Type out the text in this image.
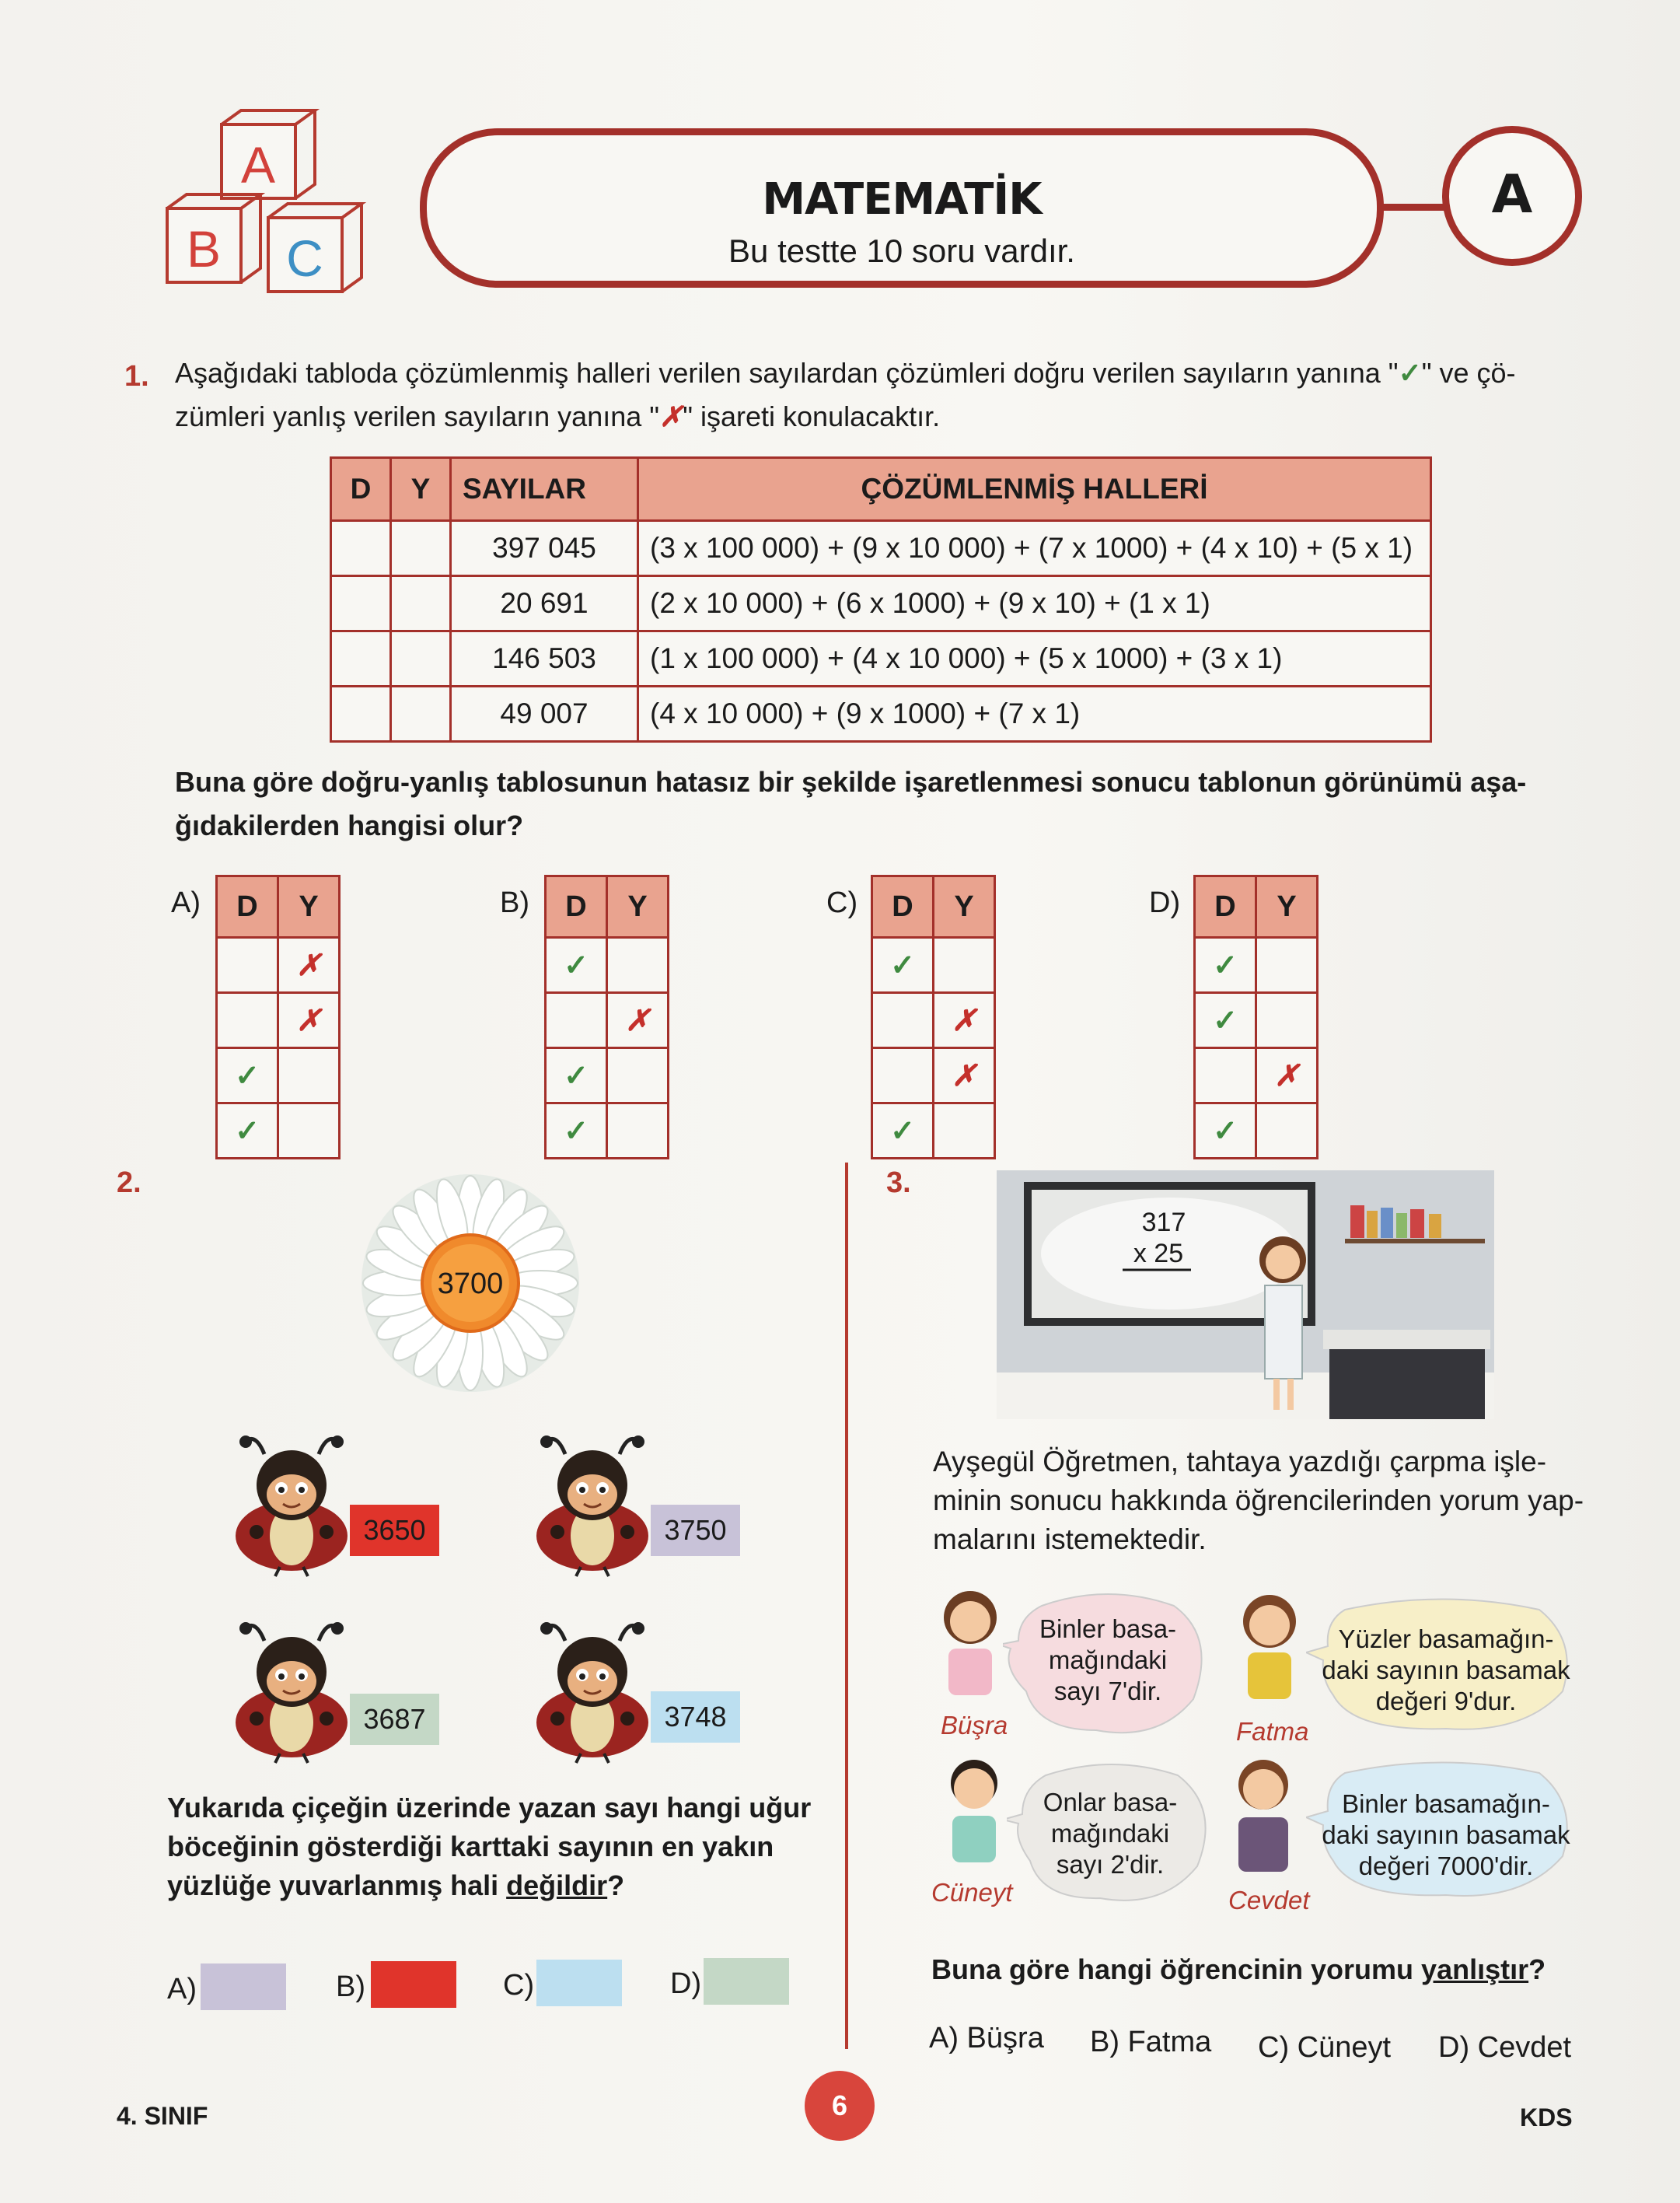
A
B C
MATEMATİK
Bu testte 10 soru vardır.
A
1. Aşağıdaki tabloda çözümlenmiş halleri verilen sayılardan çözümleri doğru verilen sayıların yanına "✓" ve çö-
zümleri yanlış verilen sayıların yanına "✗" işareti konulacaktır.
D	Y	SAYILAR	ÇÖZÜMLENMİŞ HALLERİ
		397 045	(3 x 100 000) + (9 x 10 000) + (7 x 1000) + (4 x 10) + (5 x 1)
		20 691	(2 x 10 000) + (6 x 1000) + (9 x 10) + (1 x 1)
		146 503	(1 x 100 000) + (4 x 10 000) + (5 x 1000) + (3 x 1)
		49 007	(4 x 10 000) + (9 x 1000) + (7 x 1)
Buna göre doğru-yanlış tablosunun hatasız bir şekilde işaretlenmesi sonucu tablonun görünümü aşa-
ğıdakilerden hangisi olur?
A) D	Y
	✗
	✗
✓	
✓	
B) D	Y
✓	
	✗
✓	
✓	
C) D	Y
✓	
	✗
	✗
✓	
D) D	Y
✓	
✓	
	✗
✓	
2.
3700
3650	3750
3687	3748
Yukarıda çiçeğin üzerinde yazan sayı hangi uğur
böceğinin gösterdiği karttaki sayının en yakın
yüzlüğe yuvarlanmış hali değildir?
A)	B)	C)	D)
3.
317
x 25
Ayşegül Öğretmen, tahtaya yazdığı çarpma işle-
minin sonucu hakkında öğrencilerinden yorum yap-
malarını istemektedir.
Büşra
Binler basa-
mağındaki
sayı 7'dir.
Fatma
Yüzler basamağın-
daki sayının basamak
değeri 9'dur.
Cüneyt
Onlar basa-
mağındaki
sayı 2'dir.
Cevdet
Binler basamağın-
daki sayının basamak
değeri 7000'dir.
Buna göre hangi öğrencinin yorumu yanlıştır?
A) Büşra B) Fatma C) Cüneyt D) Cevdet
4. SINIF	6	KDS
